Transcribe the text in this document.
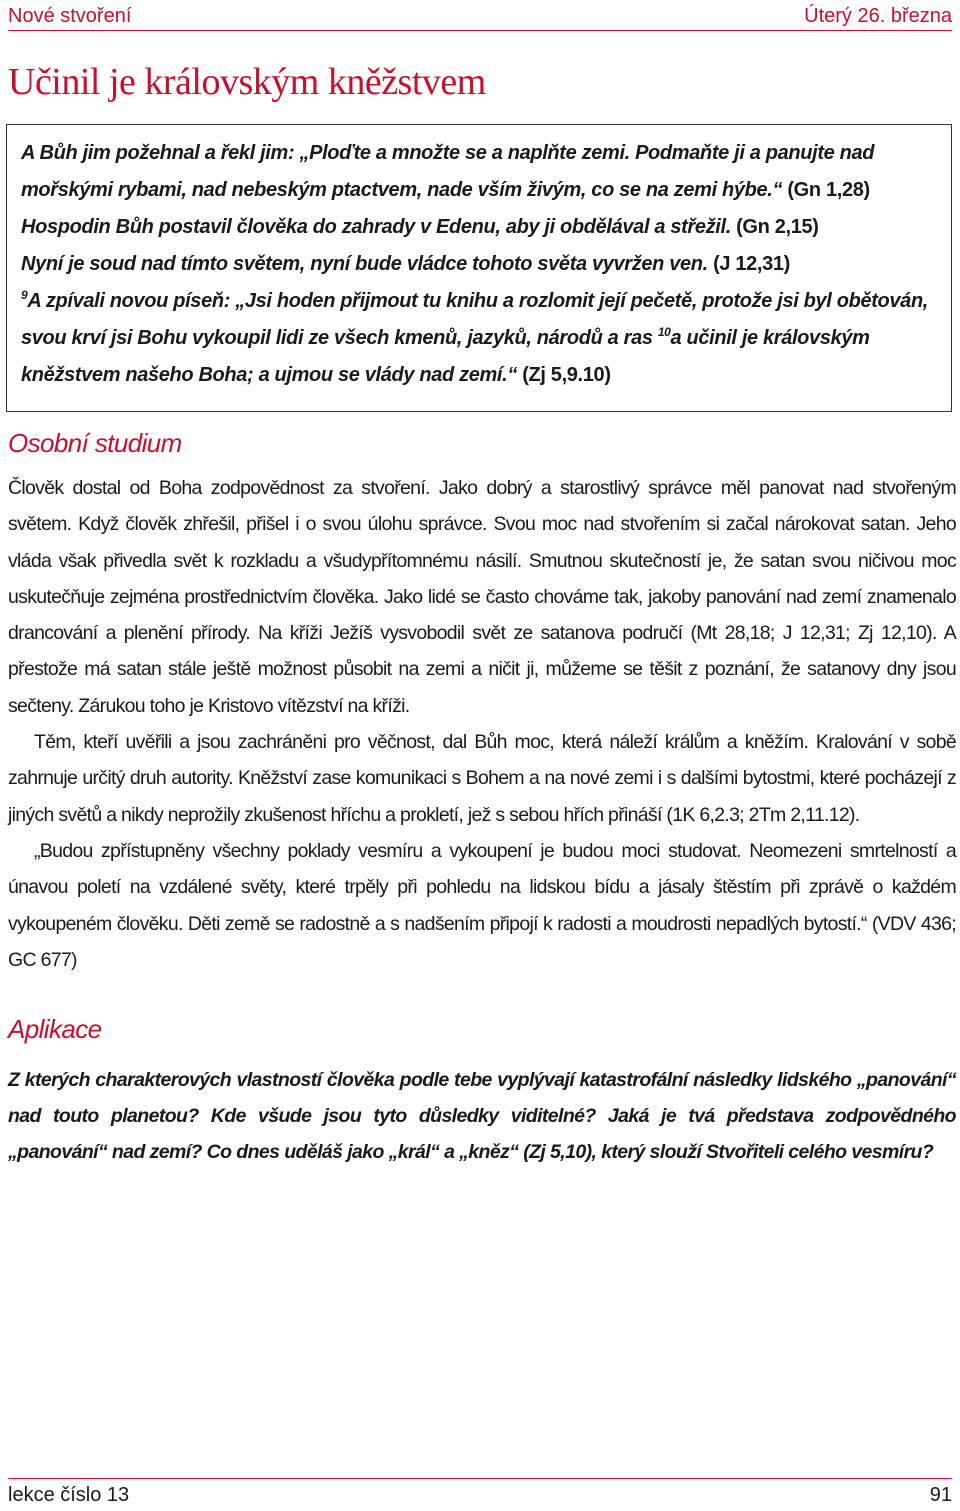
Nové stvoření	Úterý 26. března
Učinil je královským kněžstvem

A Bůh jim požehnal a řekl jim: „Ploďte a množte se a naplňte zemi. Podmaňte ji a panujte nad mořskými rybami, nad nebeským ptactvem, nade vším živým, co se na zemi hýbe.“ (Gn 1,28)

Hospodin Bůh postavil člověka do zahrady v Edenu, aby ji obdělával a střežil. (Gn 2,15)

Nyní je soud nad tímto světem, nyní bude vládce tohoto světa vyvržen ven. (J 12,31)

$^9$A zpívali novou píseň: „Jsi hoden přijmout tu knihu a rozlomit její pečetě, protože jsi byl obětován, svou krví jsi Bohu vykoupil lidi ze všech kmenů, jazyků, národů a ras $^{10}$a učinil je královským kněžstvem našeho Boha; a ujmou se vlády nad zemí.“ (Zj 5,9.10)

Osobní studium

Člověk dostal od Boha zodpovědnost za stvoření. Jako dobrý a starostlivý správce měl panovat nad stvořeným světem. Když člověk zhřešil, přišel i o svou úlohu správce. Svou moc nad stvořením si začal nárokovat satan. Jeho vláda však přivedla svět k rozkladu a všudypřítomnému násilí. Smutnou skutečností je, že satan svou ničivou moc uskutečňuje zejména prostřednictvím člověka. Jako lidé se často chováme tak, jakoby panování nad zemí znamenalo drancování a plenění přírody. Na kříži Ježíš vysvobodil svět ze satanova područí (Mt 28,18; J 12,31; Zj 12,10). A přestože má satan stále ještě možnost působit na zemi a ničit ji, můžeme se těšit z poznání, že satanovy dny jsou sečteny. Zárukou toho je Kristovo vítězství na kříži.

Těm, kteří uvěřili a jsou zachráněni pro věčnost, dal Bůh moc, která náleží králům a kněžím. Kralování v sobě zahrnuje určitý druh autority. Kněžství zase komunikaci s Bohem a na nové zemi i s dalšími bytostmi, které pocházejí z jiných světů a nikdy neprožily zkušenost hříchu a prokletí, jež s sebou hřích přináší (1K 6,2.3; 2Tm 2,11.12).

„Budou zpřístupněny všechny poklady vesmíru a vykoupení je budou moci studovat. Neomezeni smrtelností a únavou poletí na vzdálené světy, které trpěly při pohledu na lidskou bídu a jásaly štěstím při zprávě o každém vykoupeném člověku. Děti země se radostně a s nadšením připojí k radosti a moudrosti nepadlých bytostí.“ (VDV 436; GC 677)

Aplikace

Z kterých charakterových vlastností člověka podle tebe vyplývají katastrofální následky lidského „panování“ nad touto planetou? Kde všude jsou tyto důsledky viditelné? Jaká je tvá představa zodpovědného „panování“ nad zemí? Co dnes uděláš jako „král“ a „kněz“ (Zj 5,10), který slouží Stvořiteli celého vesmíru?

lekce číslo 13	91
